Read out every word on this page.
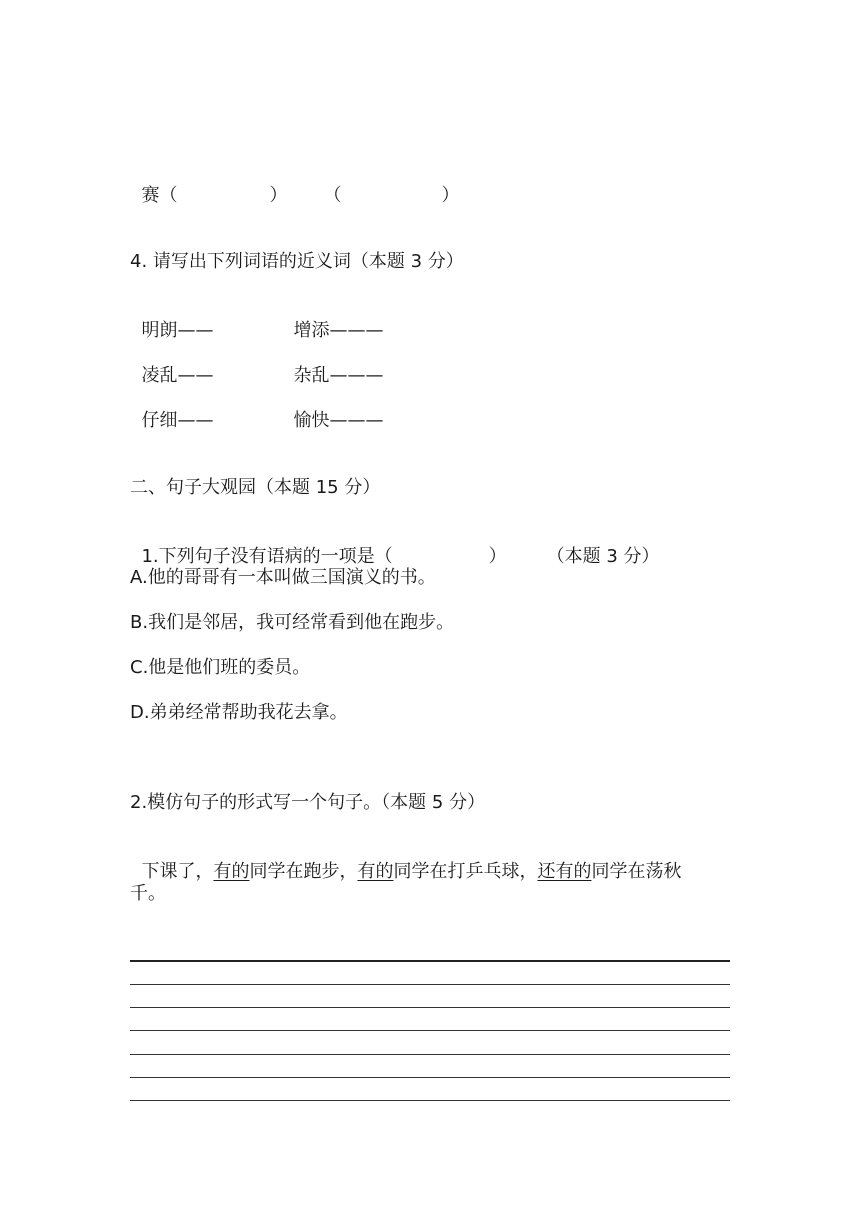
赛（	） （	）

4. 请写出下列词语的近义词（本题 3 分）

明朗——	增添———

凌乱——	杂乱———

仔细——	愉快———

二、句子大观园（本题 15 分）

1.下列句子没有语病的一项是（	） （本题 3 分）

A.他的哥哥有一本叫做三国演义的书。
B.我们是邻居，我可经常看到他在跑步。
C.他是他们班的委员。
D.弟弟经常帮助我花去拿。
2.模仿句子的形式写一个句子。（本题 5 分）

下课了，有的同学在跑步，有的同学在打乒乓球，还有的同学在荡秋

千。
